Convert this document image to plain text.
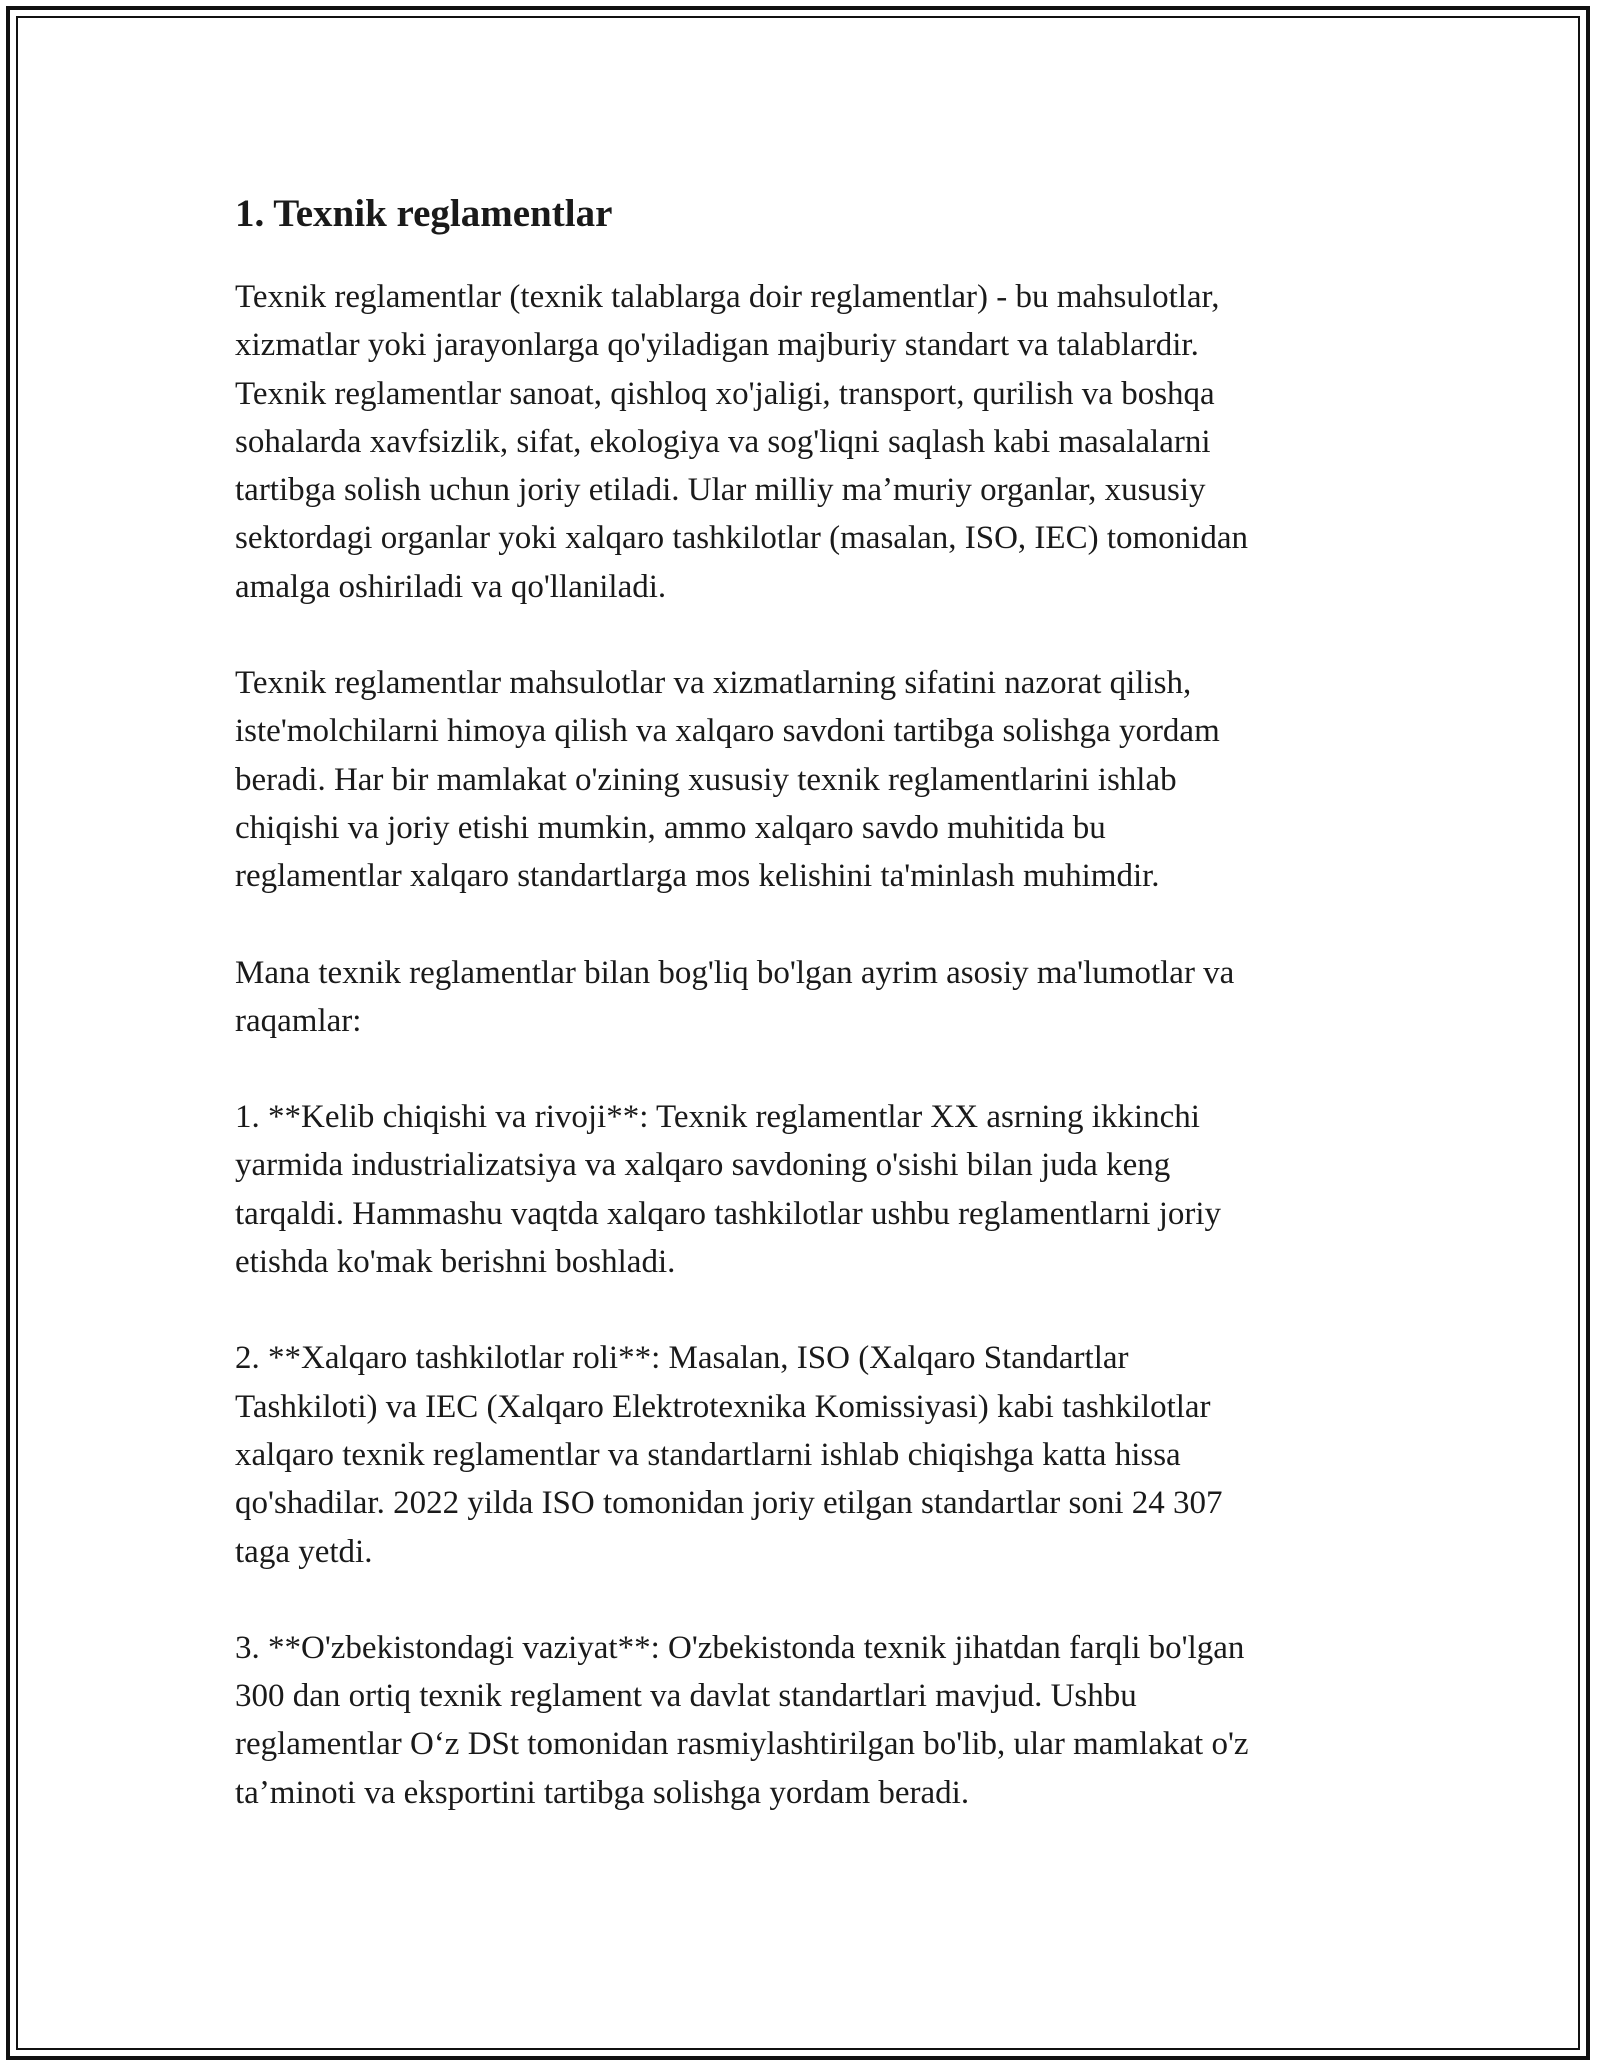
1. Texnik reglamentlar

Texnik reglamentlar (texnik talablarga doir reglamentlar) - bu mahsulotlar,
xizmatlar yoki jarayonlarga qo'yiladigan majburiy standart va talablardir.
Texnik reglamentlar sanoat, qishloq xo'jaligi, transport, qurilish va boshqa
sohalarda xavfsizlik, sifat, ekologiya va sog'liqni saqlash kabi masalalarni
tartibga solish uchun joriy etiladi. Ular milliy maʼmuriy organlar, xususiy
sektordagi organlar yoki xalqaro tashkilotlar (masalan, ISO, IEC) tomonidan
amalga oshiriladi va qo'llaniladi.

Texnik reglamentlar mahsulotlar va xizmatlarning sifatini nazorat qilish,
iste'molchilarni himoya qilish va xalqaro savdoni tartibga solishga yordam
beradi. Har bir mamlakat o'zining xususiy texnik reglamentlarini ishlab
chiqishi va joriy etishi mumkin, ammo xalqaro savdo muhitida bu
reglamentlar xalqaro standartlarga mos kelishini ta'minlash muhimdir.

Mana texnik reglamentlar bilan bog'liq bo'lgan ayrim asosiy ma'lumotlar va
raqamlar:

1. **Kelib chiqishi va rivoji**: Texnik reglamentlar XX asrning ikkinchi
yarmida industrializatsiya va xalqaro savdoning o'sishi bilan juda keng
tarqaldi. Hammashu vaqtda xalqaro tashkilotlar ushbu reglamentlarni joriy
etishda ko'mak berishni boshladi.

2. **Xalqaro tashkilotlar roli**: Masalan, ISO (Xalqaro Standartlar
Tashkiloti) va IEC (Xalqaro Elektrotexnika Komissiyasi) kabi tashkilotlar
xalqaro texnik reglamentlar va standartlarni ishlab chiqishga katta hissa
qo'shadilar. 2022 yilda ISO tomonidan joriy etilgan standartlar soni 24 307
taga yetdi.

3. **O'zbekistondagi vaziyat**: O'zbekistonda texnik jihatdan farqli bo'lgan
300 dan ortiq texnik reglament va davlat standartlari mavjud. Ushbu
reglamentlar Oʻz DSt tomonidan rasmiylashtirilgan bo'lib, ular mamlakat o'z
taʼminoti va eksportini tartibga solishga yordam beradi.
